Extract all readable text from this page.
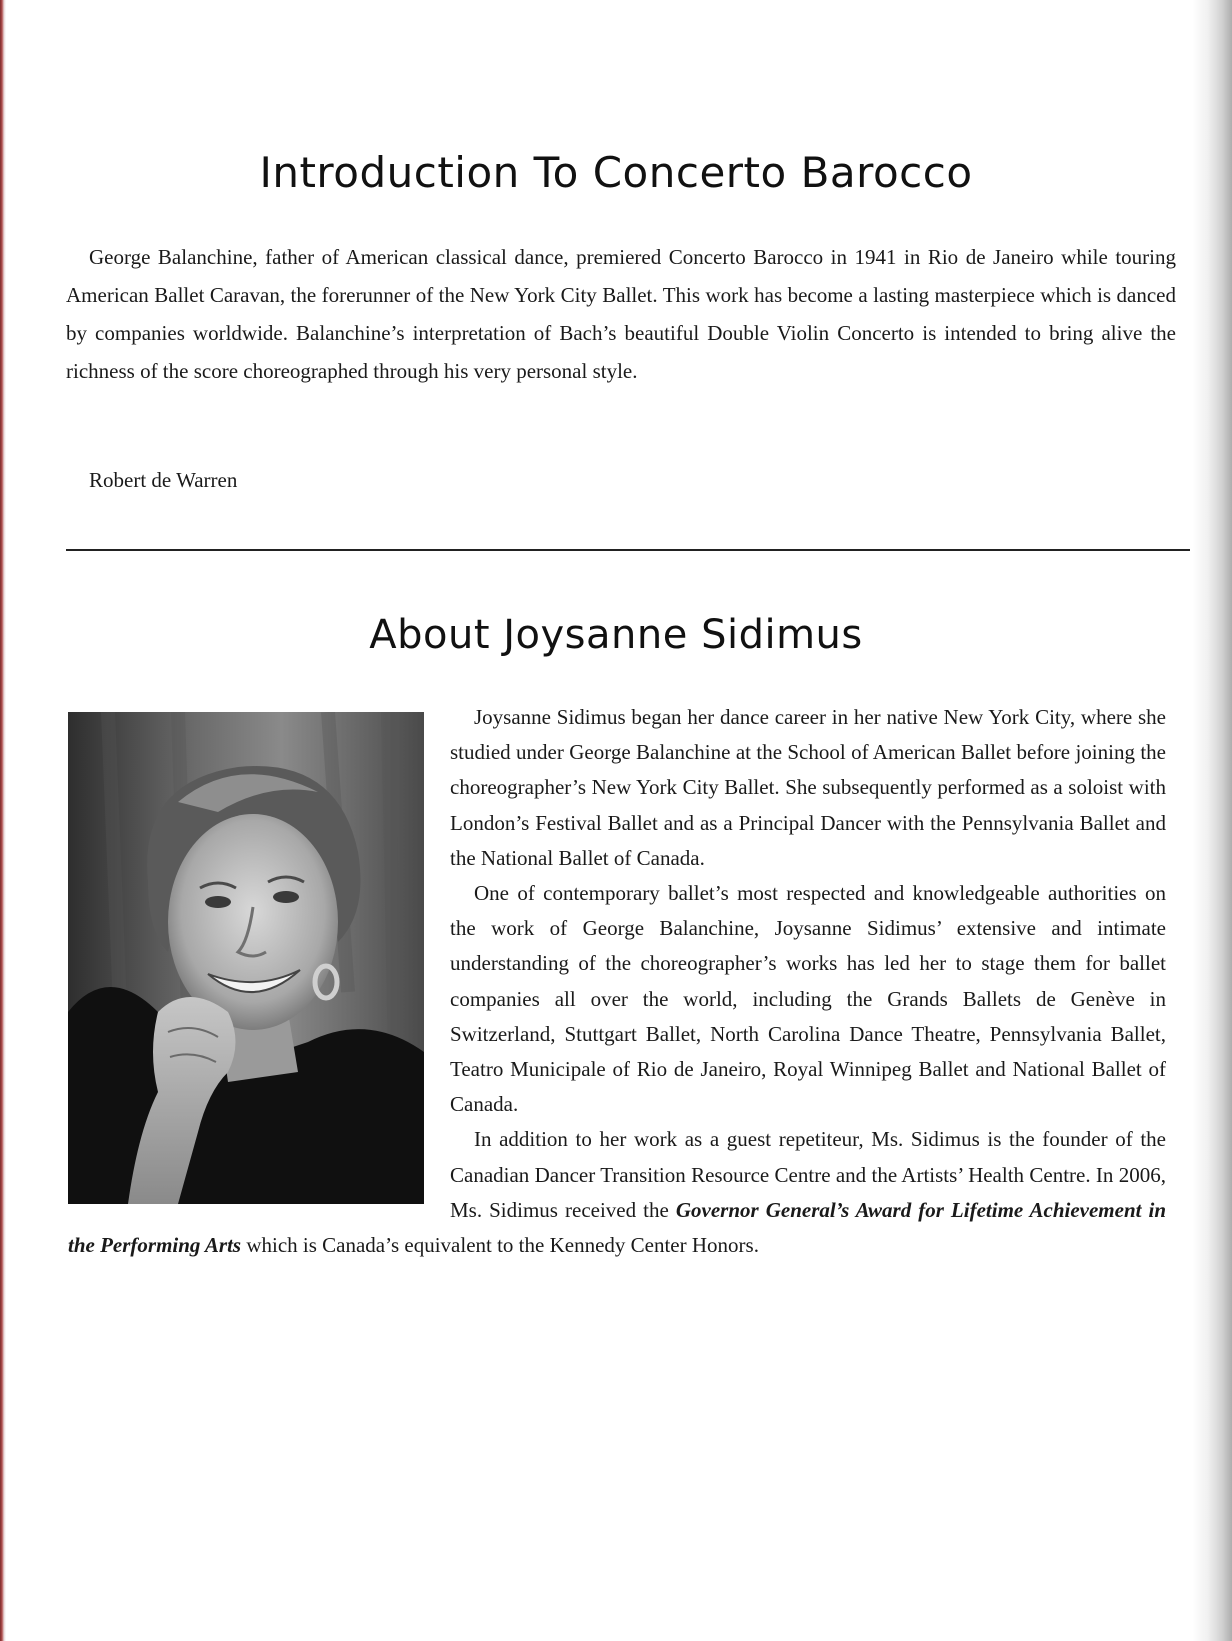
Introduction To Concerto Barocco

George Balanchine, father of American classical dance, premiered Concerto Barocco in 1941 in Rio de Janeiro while touring American Ballet Caravan, the forerunner of the New York City Ballet. This work has become a lasting masterpiece which is danced by companies worldwide. Balanchine’s interpretation of Bach’s beautiful Double Violin Concerto is intended to bring alive the richness of the score choreographed through his very personal style.

Robert de Warren

About Joysanne Sidimus

Joysanne Sidimus began her dance career in her native New York City, where she studied under George Balanchine at the School of American Ballet before joining the choreographer’s New York City Ballet. She subsequently performed as a soloist with London’s Festival Ballet and as a Principal Dancer with the Pennsylvania Ballet and the National Ballet of Canada.

One of contemporary ballet’s most respected and knowledgeable authorities on the work of George Balanchine, Joysanne Sidimus’ extensive and intimate understanding of the choreographer’s works has led her to stage them for ballet companies all over the world, including the Grands Ballets de Genève in Switzerland, Stuttgart Ballet, North Carolina Dance Theatre, Pennsylvania Ballet, Teatro Municipale of Rio de Janeiro, Royal Winnipeg Ballet and National Ballet of Canada.

In addition to her work as a guest repetiteur, Ms. Sidimus is the founder of the Canadian Dancer Transition Resource Centre and the Artists’ Health Centre. In 2006, Ms. Sidimus received the Governor General’s Award for Lifetime Achievement in the Performing Arts which is Canada’s equivalent to the Kennedy Center Honors.
